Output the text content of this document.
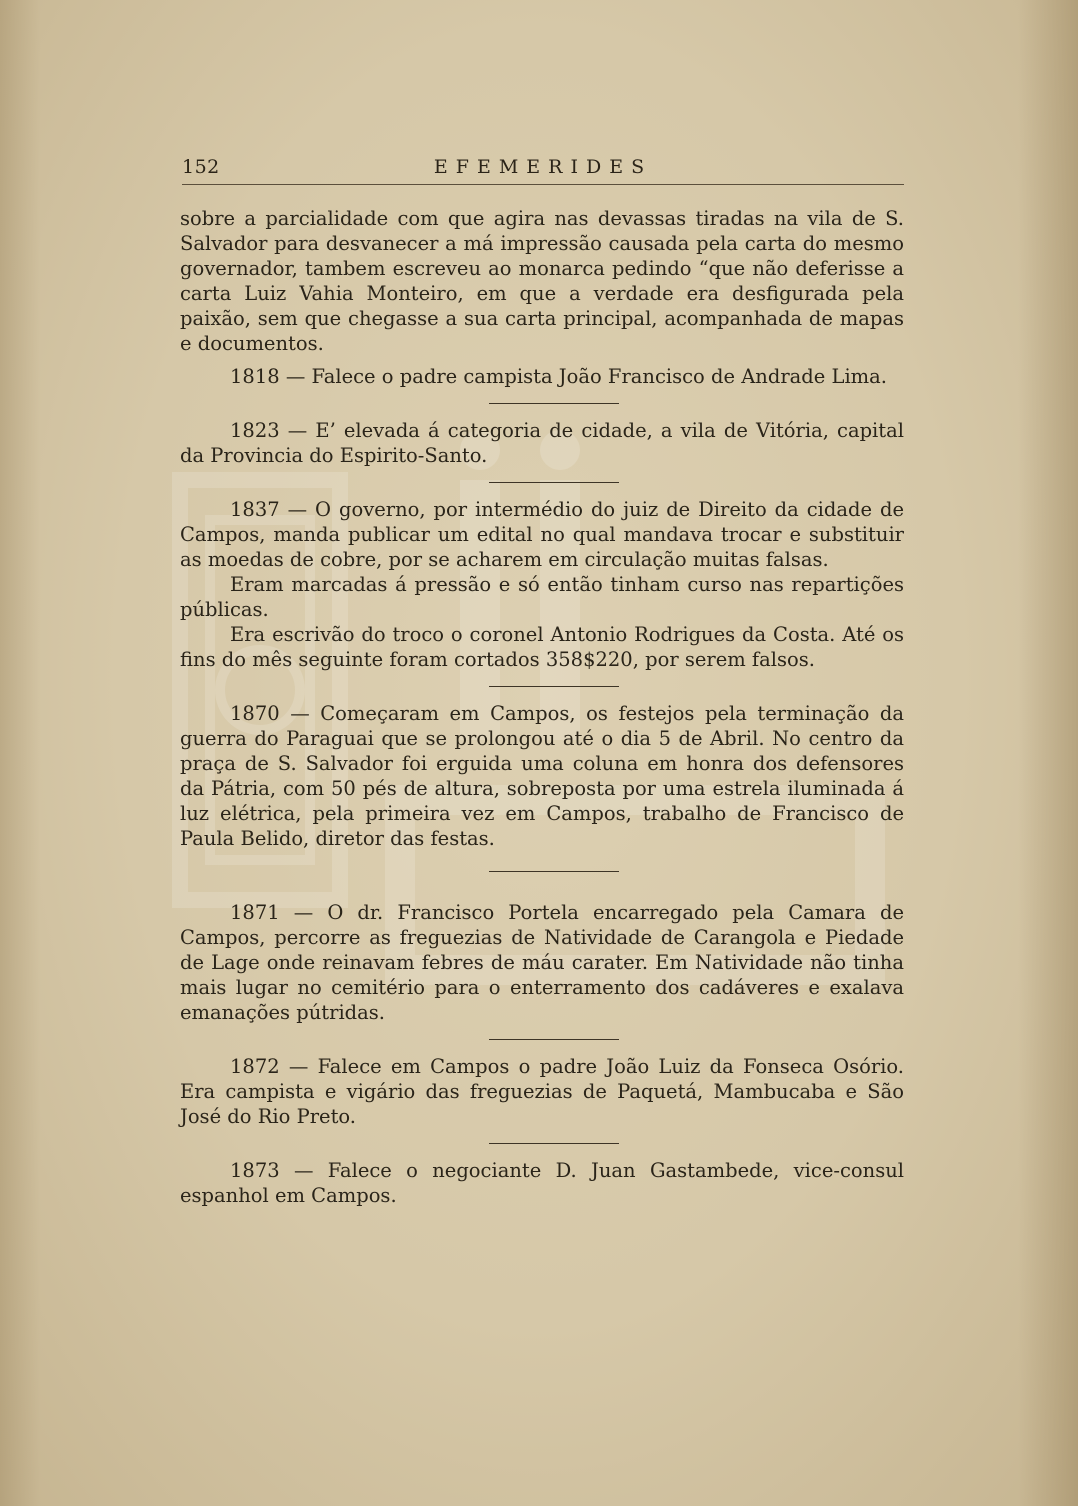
152	EFEMERIDES

sobre a parcialidade com que agira nas devassas tiradas na vila de S. Salvador para desvanecer a má impressão causada pela carta do mesmo governador, tambem escreveu ao monarca pedindo “que não deferisse a carta Luiz Vahia Monteiro, em que a verdade era desfigurada pela paixão, sem que chegasse a sua carta principal, acompanhada de mapas e documentos.

1818 — Falece o padre campista João Francisco de Andrade Lima.

1823 — E’ elevada á categoria de cidade, a vila de Vitória, capital da Provincia do Espirito-Santo.

1837 — O governo, por intermédio do juiz de Direito da cidade de Campos, manda publicar um edital no qual mandava trocar e substituir as moedas de cobre, por se acharem em circulação muitas falsas.

Eram marcadas á pressão e só então tinham curso nas repartições públicas.

Era escrivão do troco o coronel Antonio Rodrigues da Costa. Até os fins do mês seguinte foram cortados 358$220, por serem falsos.

1870 — Começaram em Campos, os festejos pela terminação da guerra do Paraguai que se prolongou até o dia 5 de Abril. No centro da praça de S. Salvador foi erguida uma coluna em honra dos defensores da Pátria, com 50 pés de altura, sobreposta por uma estrela iluminada á luz elétrica, pela primeira vez em Campos, trabalho de Francisco de Paula Belido, diretor das festas.

1871 — O dr. Francisco Portela encarregado pela Camara de Campos, percorre as freguezias de Natividade de Carangola e Piedade de Lage onde reinavam febres de máu carater. Em Natividade não tinha mais lugar no cemitério para o enterramento dos cadáveres e exalava emanações pútridas.

1872 — Falece em Campos o padre João Luiz da Fonseca Osório. Era campista e vigário das freguezias de Paquetá, Mambucaba e São José do Rio Preto.

1873 — Falece o negociante D. Juan Gastambede, vice-consul espanhol em Campos.
